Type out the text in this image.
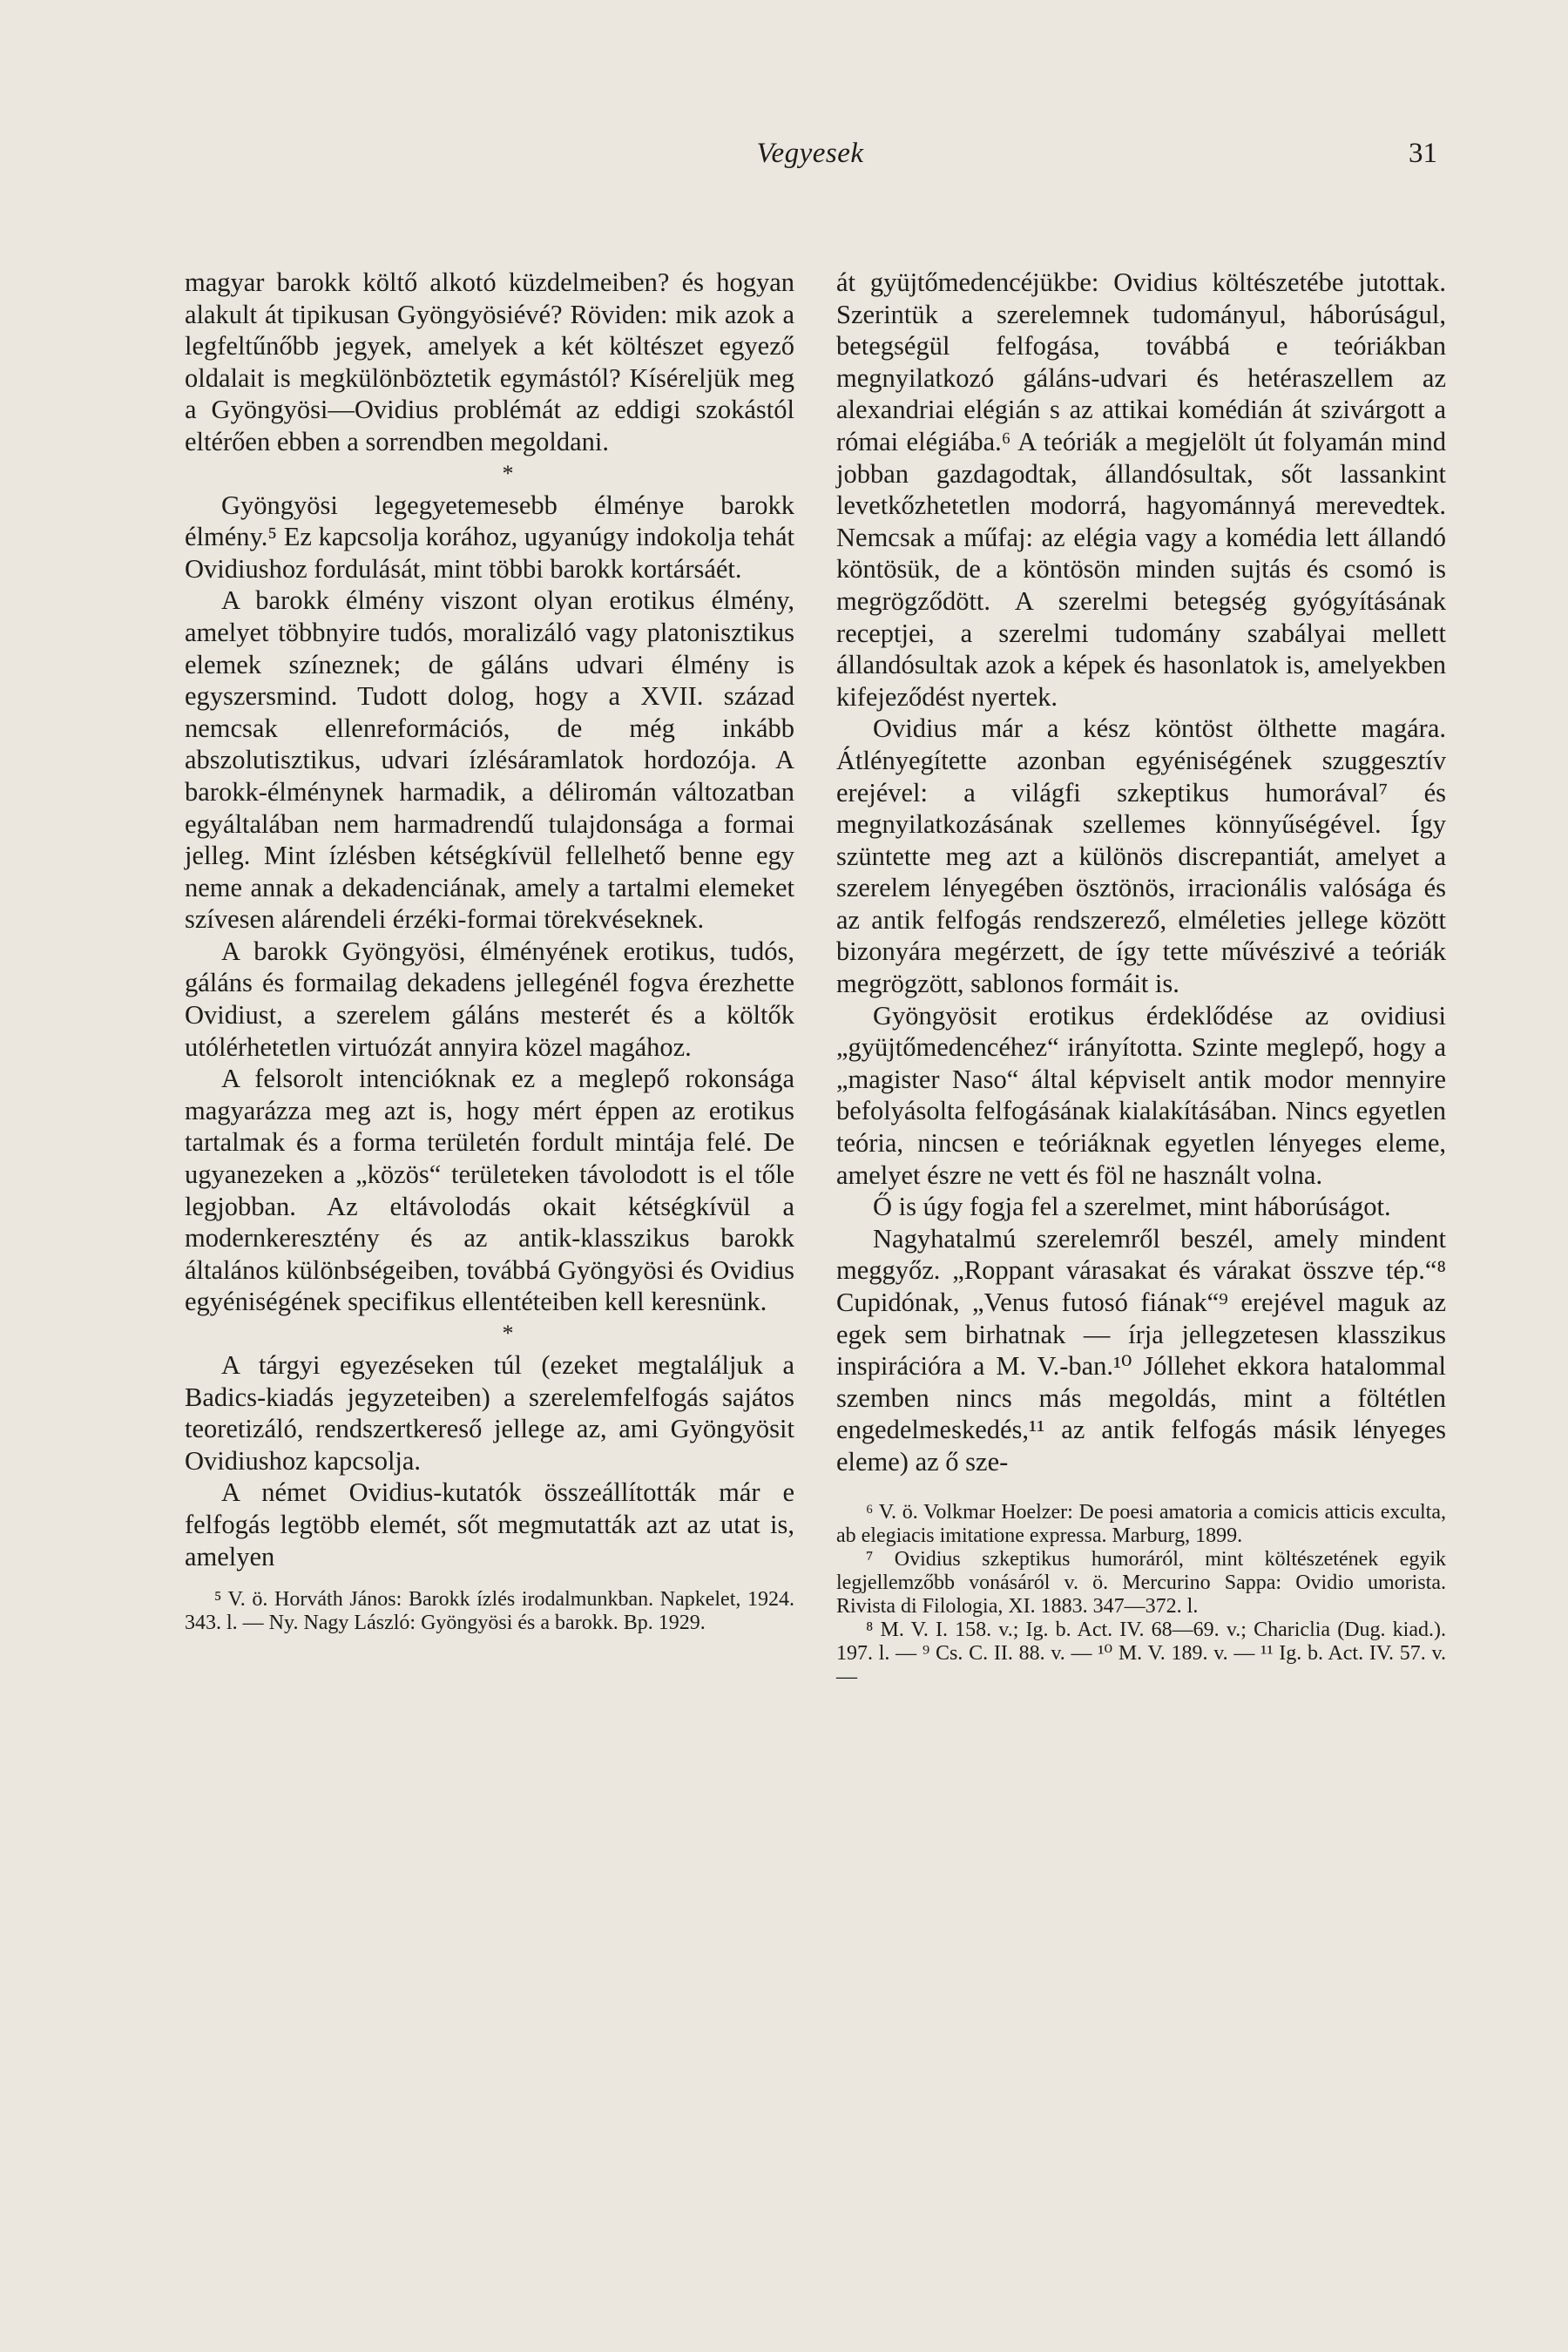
Vegyesek	31

magyar barokk költő alkotó küzdelmeiben? és hogyan alakult át tipikusan Gyöngyösiévé? Röviden: mik azok a legfeltűnőbb jegyek, amelyek a két költészet egyező oldalait is megkülönböztetik egymástól? Kíséreljük meg a Gyöngyösi—Ovidius problémát az eddigi szokástól eltérően ebben a sorrendben megoldani.

*

Gyöngyösi legegyetemesebb élménye barokk élmény.⁵ Ez kapcsolja korához, ugyanúgy indokolja tehát Ovidiushoz fordulását, mint többi barokk kortársáét.

A barokk élmény viszont olyan erotikus élmény, amelyet többnyire tudós, moralizáló vagy platonisztikus elemek színeznek; de gáláns udvari élmény is egyszersmind. Tudott dolog, hogy a XVII. század nemcsak ellenreformációs, de még inkább abszolutisztikus, udvari ízlésáramlatok hordozója. A barokk-élménynek harmadik, a déliromán változatban egyáltalában nem harmadrendű tulajdonsága a formai jelleg. Mint ízlésben kétségkívül fellelhető benne egy neme annak a dekadenciának, amely a tartalmi elemeket szívesen alárendeli érzéki-formai törekvéseknek.

A barokk Gyöngyösi, élményének erotikus, tudós, gáláns és formailag dekadens jellegénél fogva érezhette Ovidiust, a szerelem gáláns mesterét és a költők utólérhetetlen virtuózát annyira közel magához.

A felsorolt intencióknak ez a meglepő rokonsága magyarázza meg azt is, hogy mért éppen az erotikus tartalmak és a forma területén fordult mintája felé. De ugyanezeken a „közös“ területeken távolodott is el tőle legjobban. Az eltávolodás okait kétségkívül a modernkeresztény és az antik-klasszikus barokk általános különbségeiben, továbbá Gyöngyösi és Ovidius egyéniségének specifikus ellentéteiben kell keresnünk.

*

A tárgyi egyezéseken túl (ezeket megtaláljuk a Badics-kiadás jegyzeteiben) a szerelemfelfogás sajátos teoretizáló, rendszertkereső jellege az, ami Gyöngyösit Ovidiushoz kapcsolja.

A német Ovidius-kutatók összeállították már e felfogás legtöbb elemét, sőt megmutatták azt az utat is, amelyen

⁵ V. ö. Horváth János: Barokk ízlés irodalmunkban. Napkelet, 1924. 343. l. — Ny. Nagy László: Gyöngyösi és a barokk. Bp. 1929.

át gyüjtőmedencéjükbe: Ovidius költészetébe jutottak. Szerintük a szerelemnek tudományul, háborúságul, betegségül felfogása, továbbá e teóriákban megnyilatkozó gáláns-udvari és hetéraszellem az alexandriai elégián s az attikai komédián át szivárgott a római elégiába.⁶ A teóriák a megjelölt út folyamán mind jobban gazdagodtak, állandósultak, sőt lassankint levetkőzhetetlen modorrá, hagyománnyá merevedtek. Nemcsak a műfaj: az elégia vagy a komédia lett állandó köntösük, de a köntösön minden sujtás és csomó is megrögződött. A szerelmi betegség gyógyításának receptjei, a szerelmi tudomány szabályai mellett állandósultak azok a képek és hasonlatok is, amelyekben kifejeződést nyertek.

Ovidius már a kész köntöst ölthette magára. Átlényegítette azonban egyéniségének szuggesztív erejével: a világfi szkeptikus humorával⁷ és megnyilatkozásának szellemes könnyűségével. Így szüntette meg azt a különös discrepantiát, amelyet a szerelem lényegében ösztönös, irracionális valósága és az antik felfogás rendszerező, elméleties jellege között bizonyára megérzett, de így tette művészivé a teóriák megrögzött, sablonos formáit is.

Gyöngyösit erotikus érdeklődése az ovidiusi „gyüjtőmedencéhez“ irányította. Szinte meglepő, hogy a „magister Naso“ által képviselt antik modor mennyire befolyásolta felfogásának kialakításában. Nincs egyetlen teória, nincsen e teóriáknak egyetlen lényeges eleme, amelyet észre ne vett és föl ne használt volna.

Ő is úgy fogja fel a szerelmet, mint háborúságot.

Nagyhatalmú szerelemről beszél, amely mindent meggyőz. „Roppant várasakat és várakat összve tép.“⁸ Cupidónak, „Venus futosó fiának“⁹ erejével maguk az egek sem birhatnak — írja jellegzetesen klasszikus inspirációra a M. V.-ban.¹⁰ Jóllehet ekkora hatalommal szemben nincs más megoldás, mint a föltétlen engedelmeskedés,¹¹ az antik felfogás másik lényeges eleme) az ő sze-

⁶ V. ö. Volkmar Hoelzer: De poesi amatoria a comicis atticis exculta, ab elegiacis imitatione expressa. Marburg, 1899.

⁷ Ovidius szkeptikus humoráról, mint költészetének egyik legjellemzőbb vonásáról v. ö. Mercurino Sappa: Ovidio umorista. Rivista di Filologia, XI. 1883. 347—372. l.

⁸ M. V. I. 158. v.; Ig. b. Act. IV. 68—69. v.; Chariclia (Dug. kiad.). 197. l. — ⁹ Cs. C. II. 88. v. — ¹⁰ M. V. 189. v. — ¹¹ Ig. b. Act. IV. 57. v. —
